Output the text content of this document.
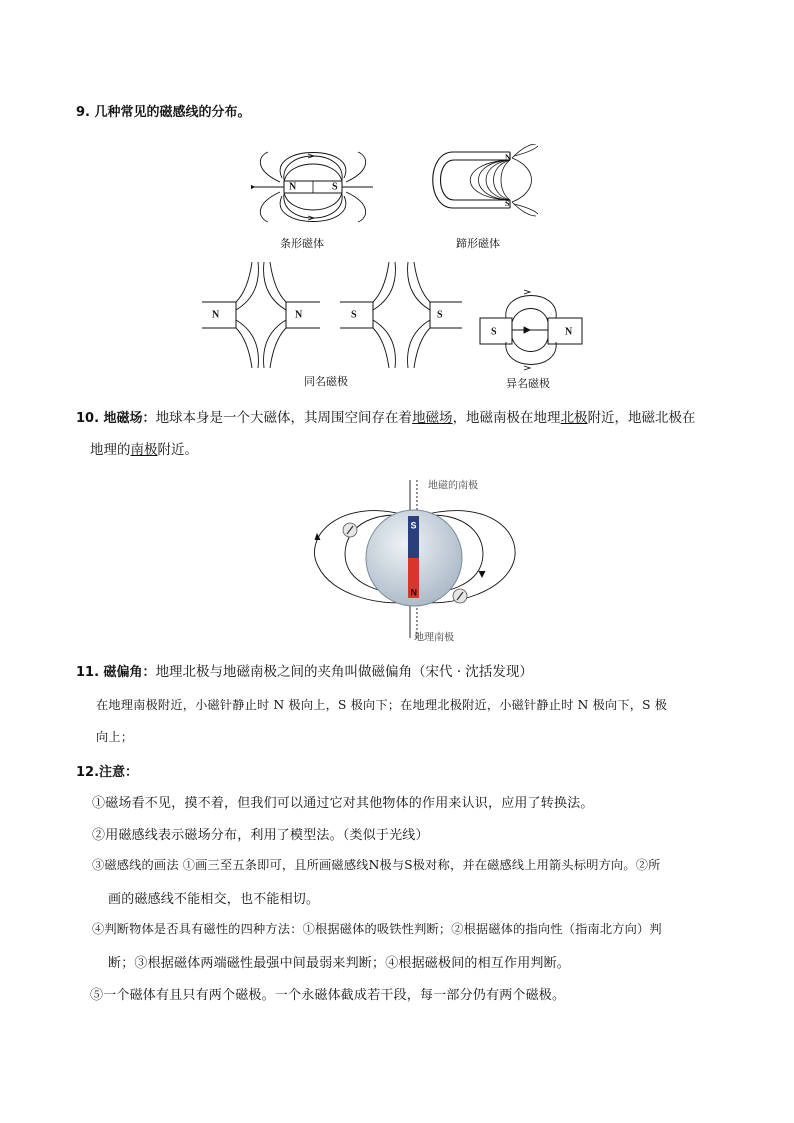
9. 几种常见的磁感线的分布。
N	S
条形磁体
N
S
蹄形磁体
N	N	S	S
同名磁极
S	N
异名磁极
10. 地磁场：地球本身是一个大磁体，其周围空间存在着地磁场，地磁南极在地理北极附近，地磁北极在
地理的南极附近。
S
N
地磁的南极
地理南极
11. 磁偏角：地理北极与地磁南极之间的夹角叫做磁偏角（宋代 · 沈括发现）
在地理南极附近，小磁针静止时 N 极向上，S 极向下；在地理北极附近，小磁针静止时 N 极向下，S 极
向上；
12.注意：
①磁场看不见，摸不着，但我们可以通过它对其他物体的作用来认识，应用了转换法。
②用磁感线表示磁场分布，利用了模型法。（类似于光线）
③磁感线的画法 ①画三至五条即可，且所画磁感线N极与S极对称，并在磁感线上用箭头标明方向。②所
画的磁感线不能相交，也不能相切。
④判断物体是否具有磁性的四种方法：①根据磁体的吸铁性判断；②根据磁体的指向性（指南北方向）判
断；③根据磁体两端磁性最强中间最弱来判断；④根据磁极间的相互作用判断。
⑤一个磁体有且只有两个磁极。一个永磁体截成若干段，每一部分仍有两个磁极。
